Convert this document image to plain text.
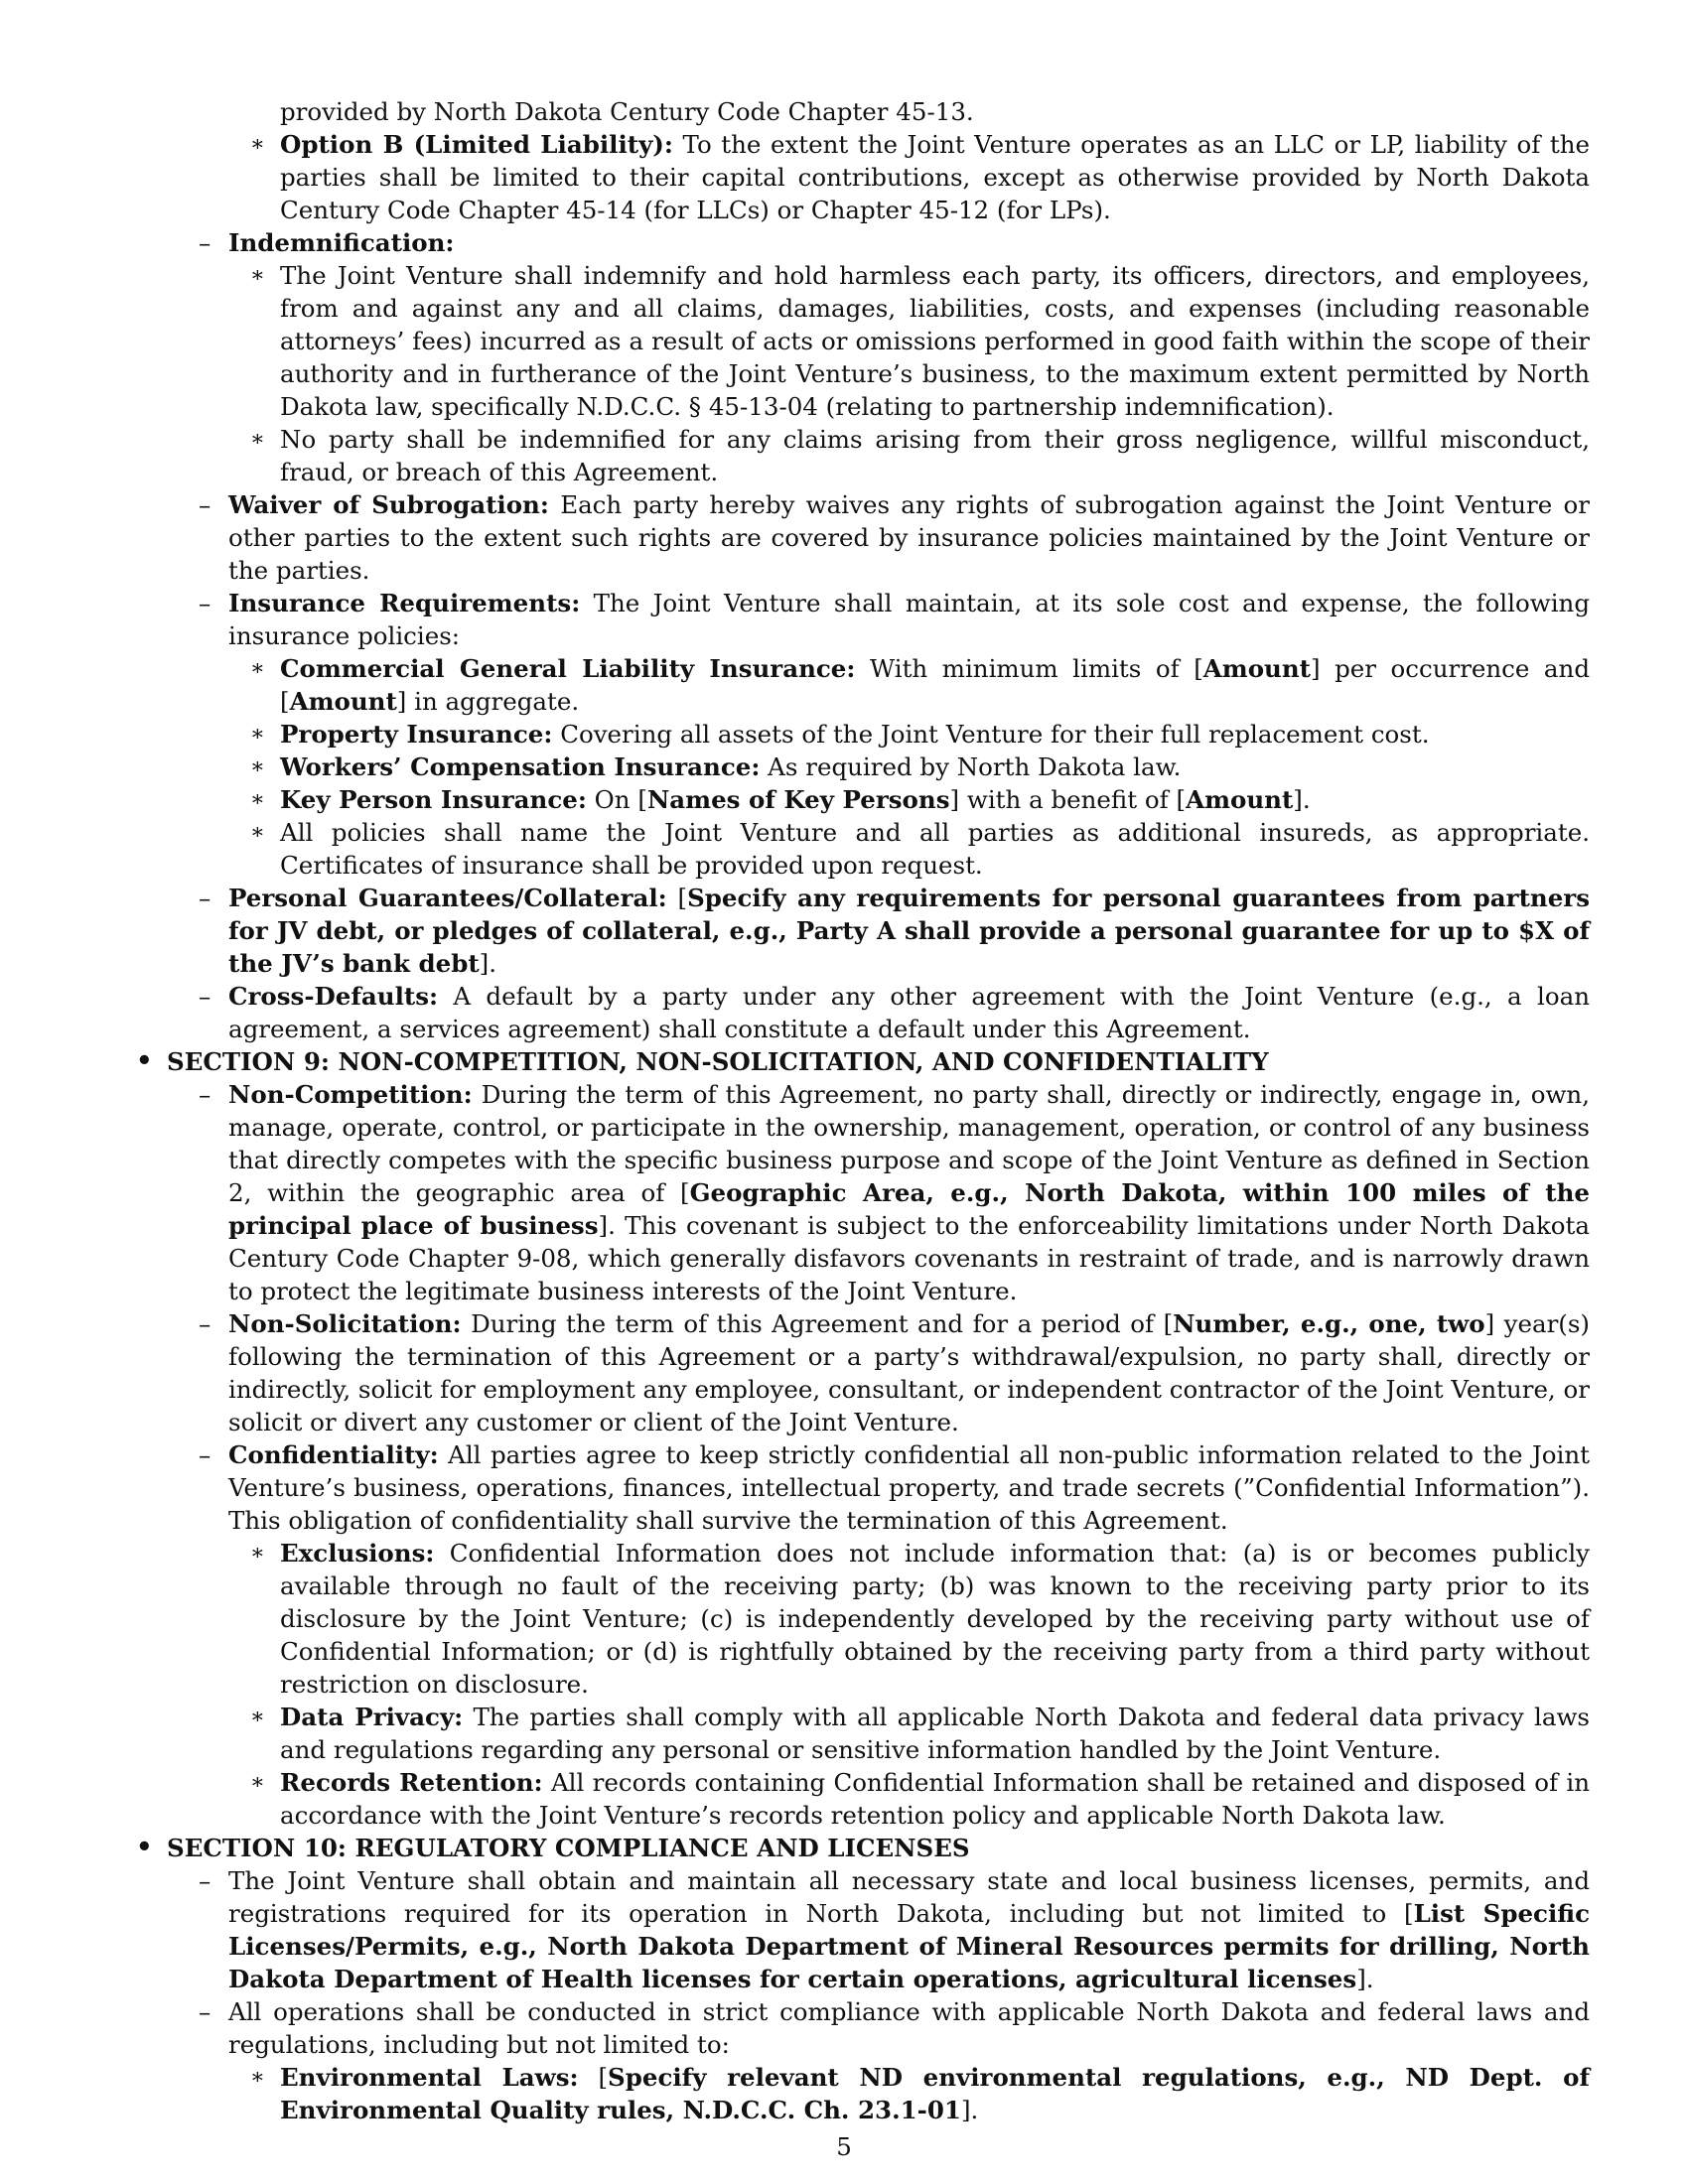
provided by North Dakota Century Code Chapter 45-13.
∗ Option B (Limited Liability): To the extent the Joint Venture operates as an LLC or LP, liability of the parties shall be limited to their capital contributions, except as otherwise provided by North Dakota Century Code Chapter 45-14 (for LLCs) or Chapter 45-12 (for LPs).
– Indemnification:
∗ The Joint Venture shall indemnify and hold harmless each party, its officers, directors, and employees, from and against any and all claims, damages, liabilities, costs, and expenses (including reasonable attorneys’ fees) incurred as a result of acts or omissions performed in good faith within the scope of their authority and in furtherance of the Joint Venture’s business, to the maximum extent permitted by North Dakota law, specifically N.D.C.C. § 45-13-04 (relating to partnership indemnification).
∗ No party shall be indemnified for any claims arising from their gross negligence, willful misconduct, fraud, or breach of this Agreement.
– Waiver of Subrogation: Each party hereby waives any rights of subrogation against the Joint Venture or other parties to the extent such rights are covered by insurance policies maintained by the Joint Venture or the parties.
– Insurance Requirements: The Joint Venture shall maintain, at its sole cost and expense, the following insurance policies:
∗ Commercial General Liability Insurance: With minimum limits of [Amount] per occurrence and [Amount] in aggregate.
∗ Property Insurance: Covering all assets of the Joint Venture for their full replacement cost.
∗ Workers’ Compensation Insurance: As required by North Dakota law.
∗ Key Person Insurance: On [Names of Key Persons] with a benefit of [Amount].
∗ All policies shall name the Joint Venture and all parties as additional insureds, as appropriate. Certificates of insurance shall be provided upon request.
– Personal Guarantees/Collateral: [Specify any requirements for personal guarantees from partners for JV debt, or pledges of collateral, e.g., Party A shall provide a personal guarantee for up to $X of the JV’s bank debt].
– Cross-Defaults: A default by a party under any other agreement with the Joint Venture (e.g., a loan agreement, a services agreement) shall constitute a default under this Agreement.
• SECTION 9: NON-COMPETITION, NON-SOLICITATION, AND CONFIDENTIALITY
– Non-Competition: During the term of this Agreement, no party shall, directly or indirectly, engage in, own, manage, operate, control, or participate in the ownership, management, operation, or control of any business that directly competes with the specific business purpose and scope of the Joint Venture as defined in Section 2, within the geographic area of [Geographic Area, e.g., North Dakota, within 100 miles of the principal place of business]. This covenant is subject to the enforceability limitations under North Dakota Century Code Chapter 9-08, which generally disfavors covenants in restraint of trade, and is narrowly drawn to protect the legitimate business interests of the Joint Venture.
– Non-Solicitation: During the term of this Agreement and for a period of [Number, e.g., one, two] year(s) following the termination of this Agreement or a party’s withdrawal/expulsion, no party shall, directly or indirectly, solicit for employment any employee, consultant, or independent contractor of the Joint Venture, or solicit or divert any customer or client of the Joint Venture.
– Confidentiality: All parties agree to keep strictly confidential all non-public information related to the Joint Venture’s business, operations, finances, intellectual property, and trade secrets (”Confidential Information”). This obligation of confidentiality shall survive the termination of this Agreement.
∗ Exclusions: Confidential Information does not include information that: (a) is or becomes publicly available through no fault of the receiving party; (b) was known to the receiving party prior to its disclosure by the Joint Venture; (c) is independently developed by the receiving party without use of Confidential Information; or (d) is rightfully obtained by the receiving party from a third party without restriction on disclosure.
∗ Data Privacy: The parties shall comply with all applicable North Dakota and federal data privacy laws and regulations regarding any personal or sensitive information handled by the Joint Venture.
∗ Records Retention: All records containing Confidential Information shall be retained and disposed of in accordance with the Joint Venture’s records retention policy and applicable North Dakota law.
• SECTION 10: REGULATORY COMPLIANCE AND LICENSES
– The Joint Venture shall obtain and maintain all necessary state and local business licenses, permits, and registrations required for its operation in North Dakota, including but not limited to [List Specific Licenses/Permits, e.g., North Dakota Department of Mineral Resources permits for drilling, North Dakota Department of Health licenses for certain operations, agricultural licenses].
– All operations shall be conducted in strict compliance with applicable North Dakota and federal laws and regulations, including but not limited to:
∗ Environmental Laws: [Specify relevant ND environmental regulations, e.g., ND Dept. of Environmental Quality rules, N.D.C.C. Ch. 23.1-01].
5
